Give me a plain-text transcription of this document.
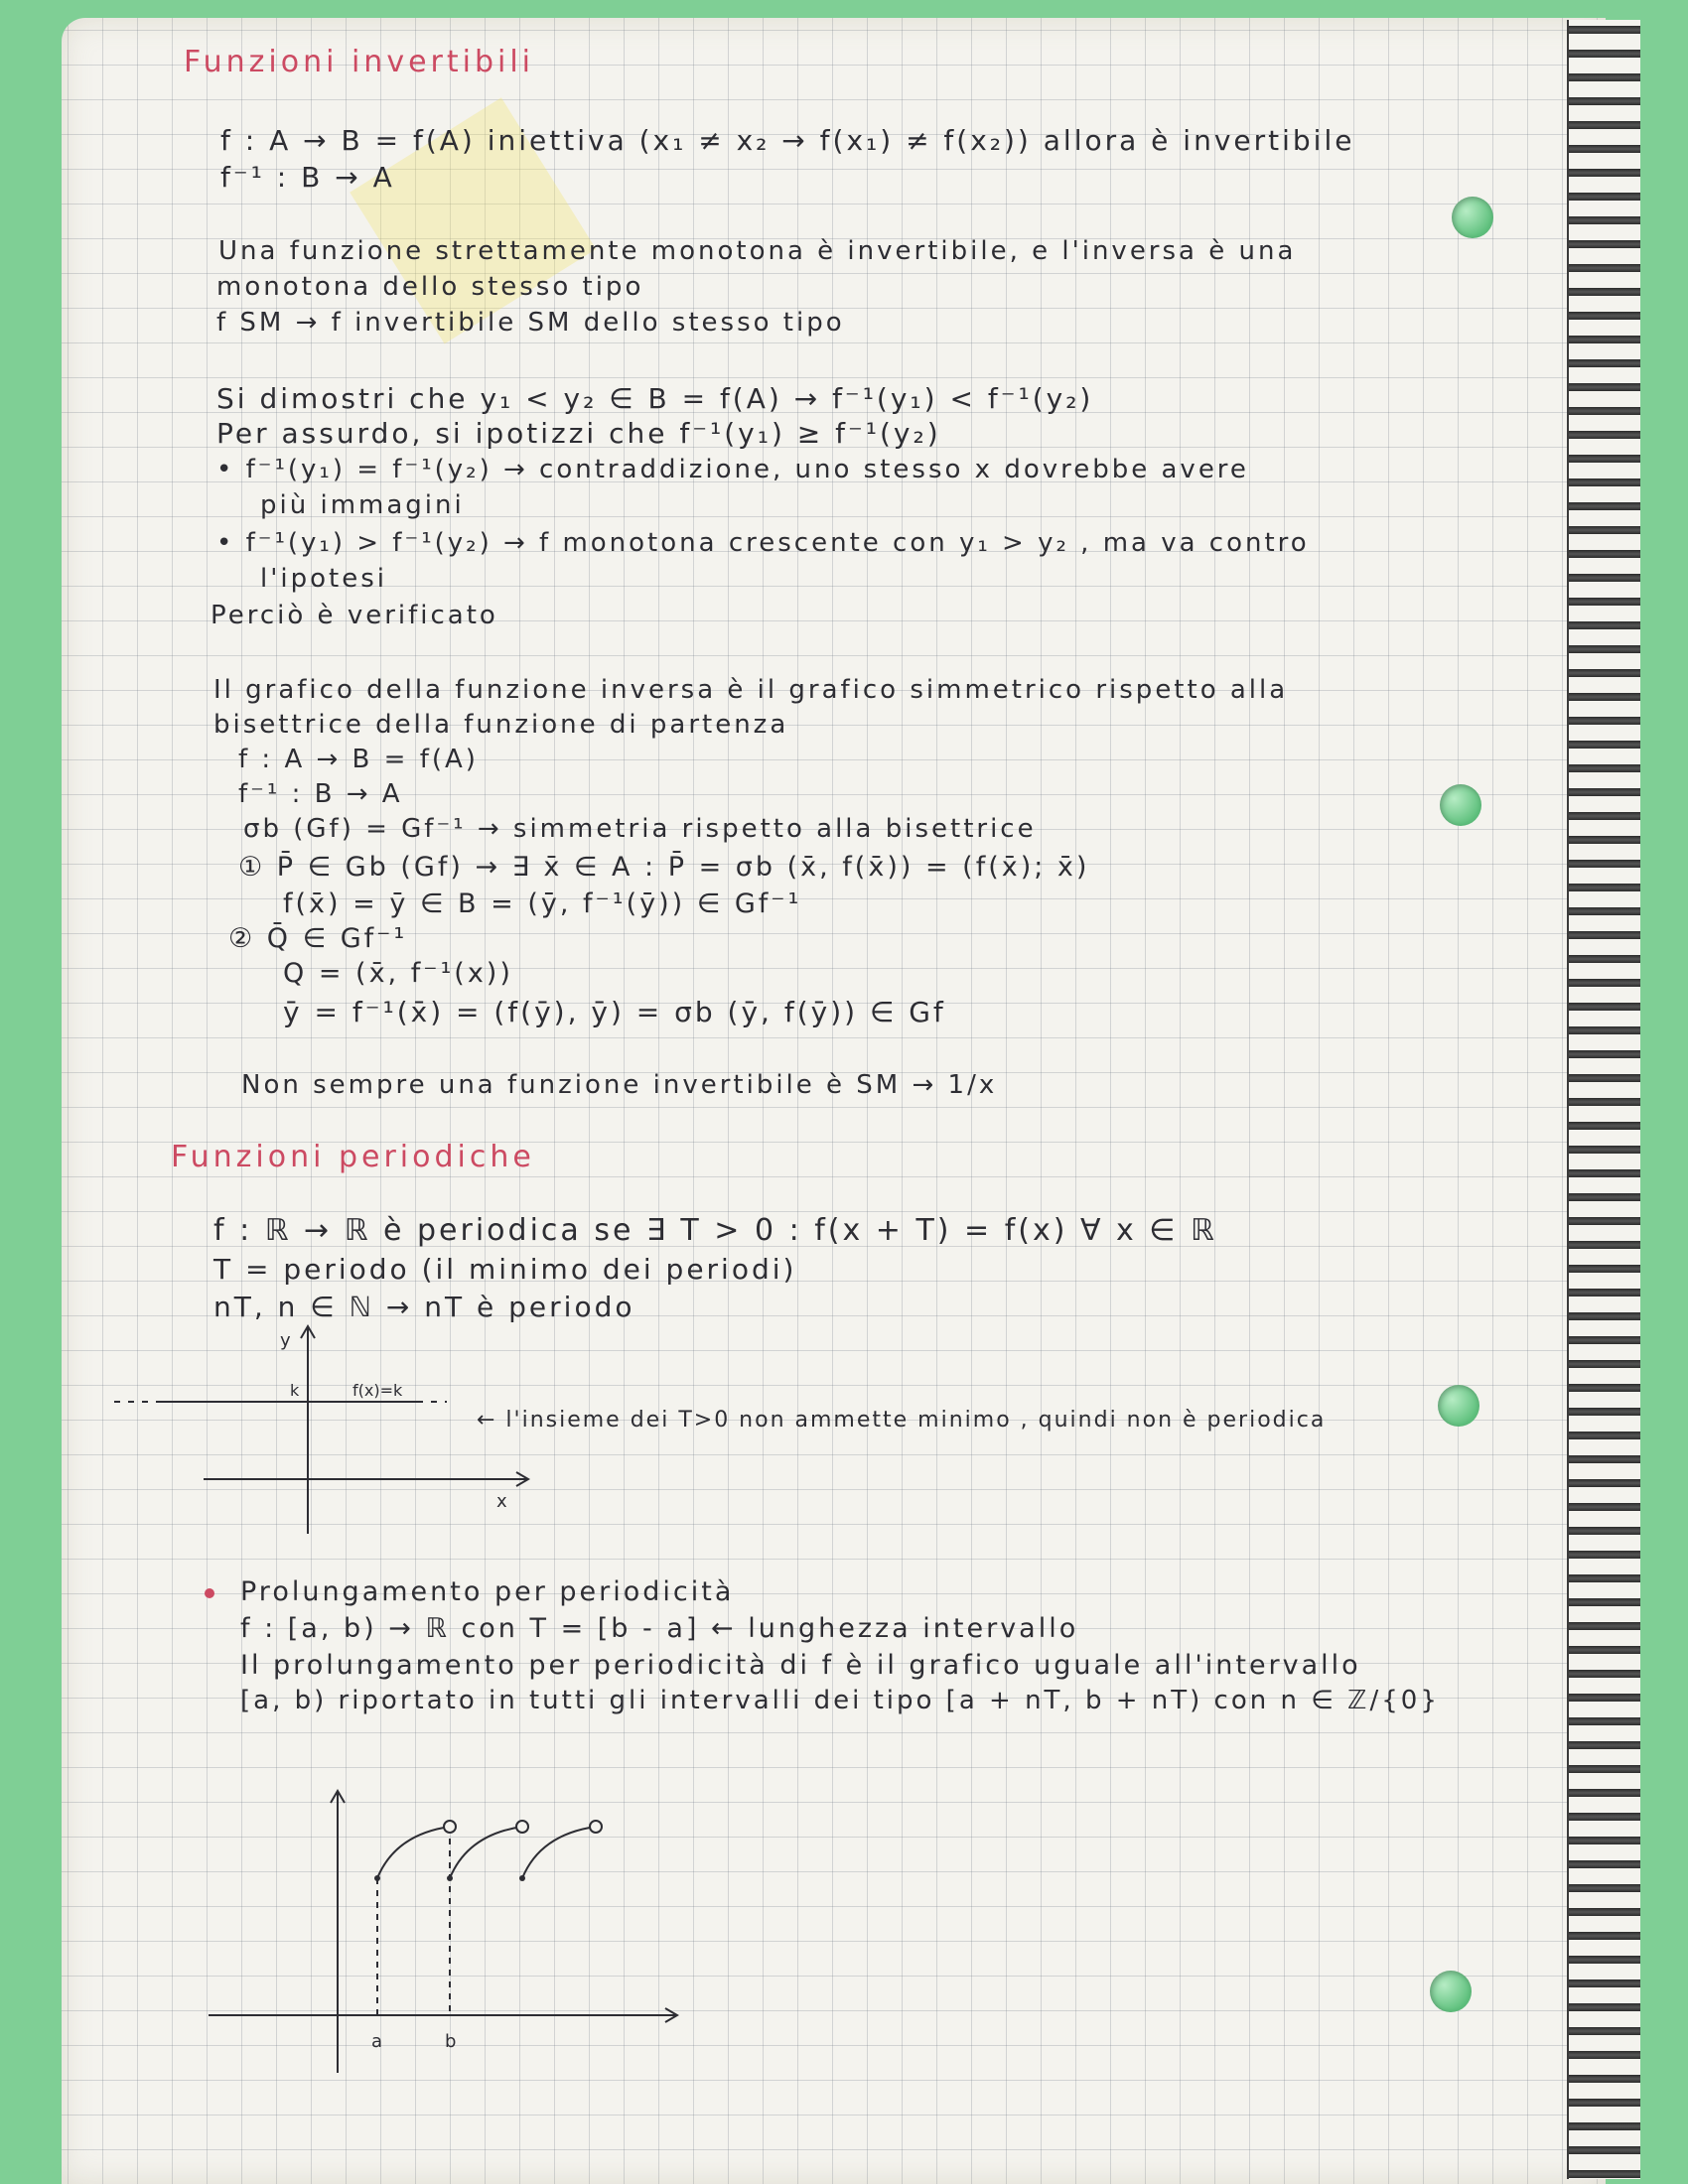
Funzioni invertibili
f : A → B = f(A) iniettiva (x₁ ≠ x₂ → f(x₁) ≠ f(x₂)) allora è invertibile
f⁻¹ : B → A
Una funzione strettamente monotona è invertibile, e l'inversa è una
monotona dello stesso tipo
f SM → f invertibile SM dello stesso tipo
Si dimostri che y₁ < y₂ ∈ B = f(A) → f⁻¹(y₁) < f⁻¹(y₂)
Per assurdo, si ipotizzi che f⁻¹(y₁) ≥ f⁻¹(y₂)
• f⁻¹(y₁) = f⁻¹(y₂) → contraddizione, uno stesso x dovrebbe avere
più immagini
• f⁻¹(y₁) > f⁻¹(y₂) → f monotona crescente con y₁ > y₂ , ma va contro
l'ipotesi
Perciò è verificato
Il grafico della funzione inversa è il grafico simmetrico rispetto alla
bisettrice della funzione di partenza
f : A → B = f(A)
f⁻¹ : B → A
σb (Gf) = Gf⁻¹ → simmetria rispetto alla bisettrice
① P̄ ∈ Gb (Gf) → ∃ x̄ ∈ A : P̄ = σb (x̄, f(x̄)) = (f(x̄); x̄)
f(x̄) = ȳ ∈ B = (ȳ, f⁻¹(ȳ)) ∈ Gf⁻¹
② Q̄ ∈ Gf⁻¹
Q = (x̄, f⁻¹(x))
ȳ = f⁻¹(x̄) = (f(ȳ), ȳ) = σb (ȳ, f(ȳ)) ∈ Gf
Non sempre una funzione invertibile è SM → 1/x
Funzioni periodiche
f : ℝ → ℝ è periodica se ∃ T > 0 : f(x + T) = f(x) ∀ x ∈ ℝ
T = periodo (il minimo dei periodi)
nT, n ∈ ℕ → nT è periodo
y
k	f(x)=k
x
← l'insieme dei T>0 non ammette minimo , quindi non è periodica
Prolungamento per periodicità
f : [a, b) → ℝ con T = [b - a] ← lunghezza intervallo
Il prolungamento per periodicità di f è il grafico uguale all'intervallo
[a, b) riportato in tutti gli intervalli dei tipo [a + nT, b + nT) con n ∈ ℤ/{0}
a	b
